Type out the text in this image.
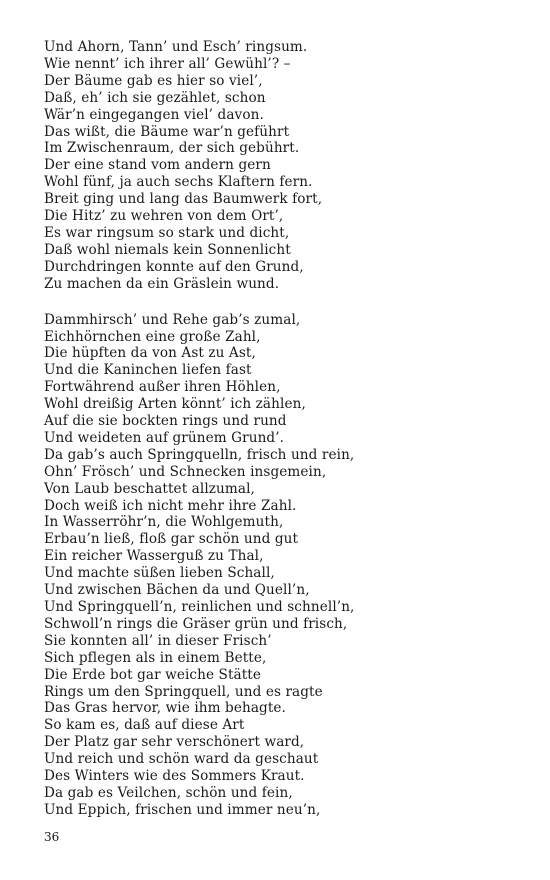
Und Ahorn, Tann’ und Esch’ ringsum.
Wie nennt’ ich ihrer all’ Gewühl’? –
Der Bäume gab es hier so viel’,
Daß, eh’ ich sie gezählet, schon
Wär’n eingegangen viel’ davon.
Das wißt, die Bäume war’n geführt
Im Zwischenraum, der sich gebührt.
Der eine stand vom andern gern
Wohl fünf, ja auch sechs Klaftern fern.
Breit ging und lang das Baumwerk fort,
Die Hitz’ zu wehren von dem Ort’,
Es war ringsum so stark und dicht,
Daß wohl niemals kein Sonnenlicht
Durchdringen konnte auf den Grund,
Zu machen da ein Gräslein wund.
Dammhirsch’ und Rehe gab’s zumal,
Eichhörnchen eine große Zahl,
Die hüpften da von Ast zu Ast,
Und die Kaninchen liefen fast
Fortwährend außer ihren Höhlen,
Wohl dreißig Arten könnt’ ich zählen,
Auf die sie bockten rings und rund
Und weideten auf grünem Grund’.
Da gab’s auch Springquelln, frisch und rein,
Ohn’ Frösch’ und Schnecken insgemein,
Von Laub beschattet allzumal,
Doch weiß ich nicht mehr ihre Zahl.
In Wasserröhr’n, die Wohlgemuth,
Erbau’n ließ, floß gar schön und gut
Ein reicher Wasserguß zu Thal,
Und machte süßen lieben Schall,
Und zwischen Bächen da und Quell’n,
Und Springquell’n, reinlichen und schnell’n,
Schwoll’n rings die Gräser grün und frisch,
Sie konnten all’ in dieser Frisch’
Sich pflegen als in einem Bette,
Die Erde bot gar weiche Stätte
Rings um den Springquell, und es ragte
Das Gras hervor, wie ihm behagte.
So kam es, daß auf diese Art
Der Platz gar sehr verschönert ward,
Und reich und schön ward da geschaut
Des Winters wie des Sommers Kraut.
Da gab es Veilchen, schön und fein,
Und Eppich, frischen und immer neu’n,
36
